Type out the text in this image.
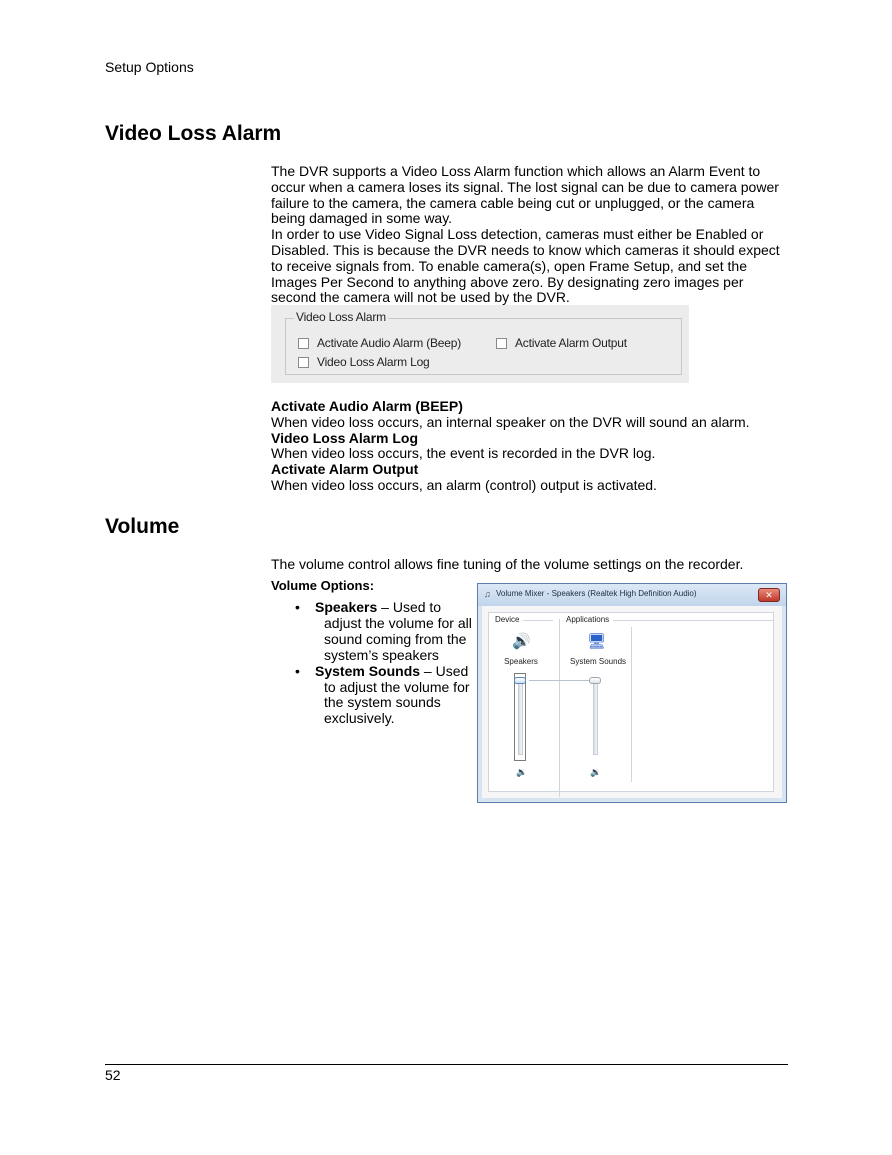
Setup Options
Video Loss Alarm

The DVR supports a Video Loss Alarm function which allows an Alarm Event to occur when a camera loses its signal. The lost signal can be due to camera power failure to the camera, the camera cable being cut or unplugged, or the camera being damaged in some way.

In order to use Video Signal Loss detection, cameras must either be Enabled or Disabled. This is because the DVR needs to know which cameras it should expect to receive signals from. To enable camera(s), open Frame Setup, and set the Images Per Second to anything above zero. By designating zero images per second the camera will not be used by the DVR.

Video Loss Alarm
Activate Audio Alarm (Beep)	Activate Alarm Output
Video Loss Alarm Log
Activate Audio Alarm (BEEP)
When video loss occurs, an internal speaker on the DVR will sound an alarm.
Video Loss Alarm Log
When video loss occurs, the event is recorded in the DVR log.
Activate Alarm Output
When video loss occurs, an alarm (control) output is activated.
Volume
The volume control allows fine tuning of the volume settings on the recorder.
Volume Options:
• Speakers – Used to
adjust the volume for all
sound coming from the
system’s speakers
• System Sounds – Used
to adjust the volume for
the system sounds
exclusively.
♫ Volume Mixer - Speakers (Realtek High Definition Audio)	✕
Device	Applications
🔊
Speakers
🖥
System Sounds
🔉	🔉
52
